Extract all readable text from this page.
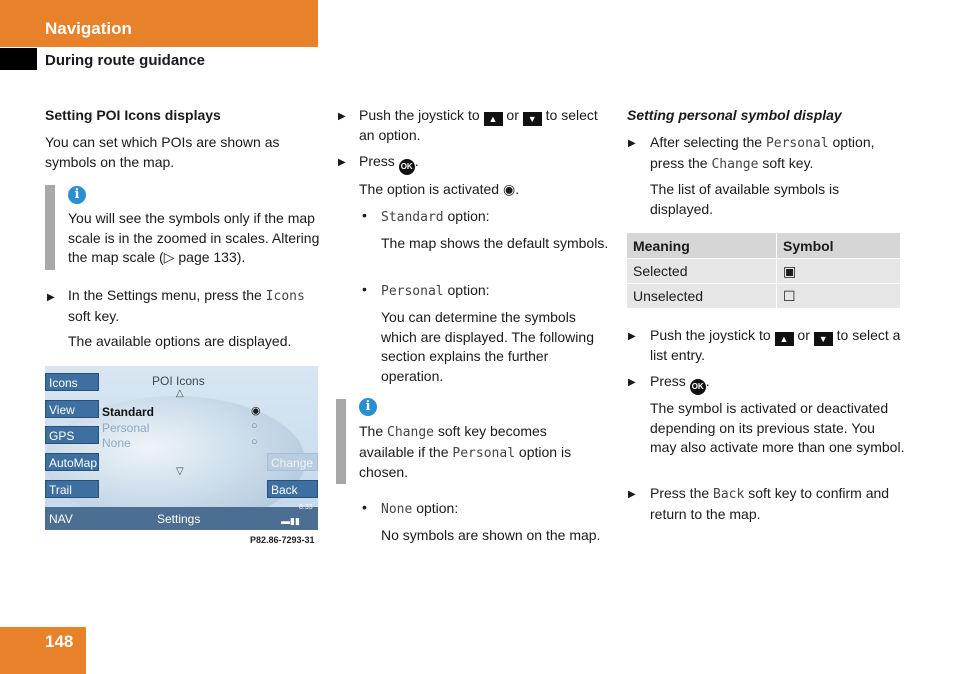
Navigation
During route guidance
Setting POI Icons displays
You can set which POIs are shown as symbols on the map.
i
You will see the symbols only if the map scale is in the zoomed in scales. Altering the map scale (▷ page 133).
▶ In the Settings menu, press the Icons soft key.
The available options are displayed.
Icons
View
GPS
AutoMap
Trail
Change
Back
POI Icons
△
Standard
Personal
None
◉
○
○
▽
NAV	Settings
8:33
▬▮▮
P82.86-7293-31
▶ Push the joystick to ▲ or ▼ to select an option.
▶ Press OK .
The option is activated ◉.
• Standard option:
The map shows the default symbols.
• Personal option:
You can determine the symbols which are displayed. The following section explains the further operation.
i
The Change soft key becomes available if the Personal option is chosen.
• None option:
No symbols are shown on the map.
Setting personal symbol display
▶ After selecting the Personal option, press the Change soft key.
The list of available symbols is displayed.
Meaning	Symbol
Selected	▣
Unselected	☐
▶ Push the joystick to ▲ or ▼ to select a list entry.
▶ Press OK .
The symbol is activated or deactivated depending on its previous state. You may also activate more than one symbol.
▶ Press the Back soft key to confirm and return to the map.
148
